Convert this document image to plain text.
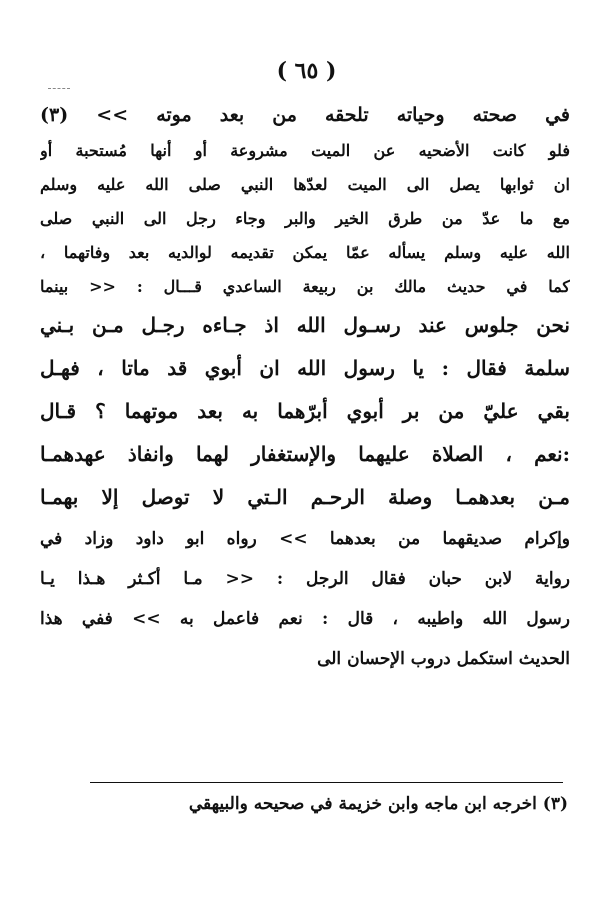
( ٦٥ )
في صحته وحياته تلحقه من بعد موته >> (٣)
فلو كانت الأضحيه عن الميت مشروعة أو أنها مُستحبة أو
ان ثوابها يصل الى الميت لعدّها النبي صلى الله عليه وسلم
مع ما عدّ من طرق الخير والبر وجاء رجل الى النبي صلى
الله عليه وسلم يسأله عمّا يمكن تقديمه لوالديه بعد وفاتهما ،
كما في حديث مالك بن ربيعة الساعدي قـــال : << بينما
نحن جلوس عند رسـول الله اذ جـاءه رجـل مـن بـني
سلمة فقال : يا رسول الله ان أبوي قد ماتا ، فهـل
بقي عليّ من بر أبوي أبرّهما به بعد موتهما ؟ قـال
:نعم ، الصلاة عليهما والإستغفار لهما وانفاذ عهدهمـا
مـن بعدهمـا وصلة الرحـم الـتي لا توصل إلا بهمـا
وإكرام صديقهما من بعدهما >> رواه ابو داود وزاد في
رواية لابن حبان فقال الرجل : << مـا أكـثر هـذا يـا
رسول الله واطيبه ، قال : نعم فاعمل به >> ففي هذا
الحديث استكمل دروب الإحسان الى
(٣) اخرجه ابن ماجه وابن خزيمة في صحيحه والبيهقي
